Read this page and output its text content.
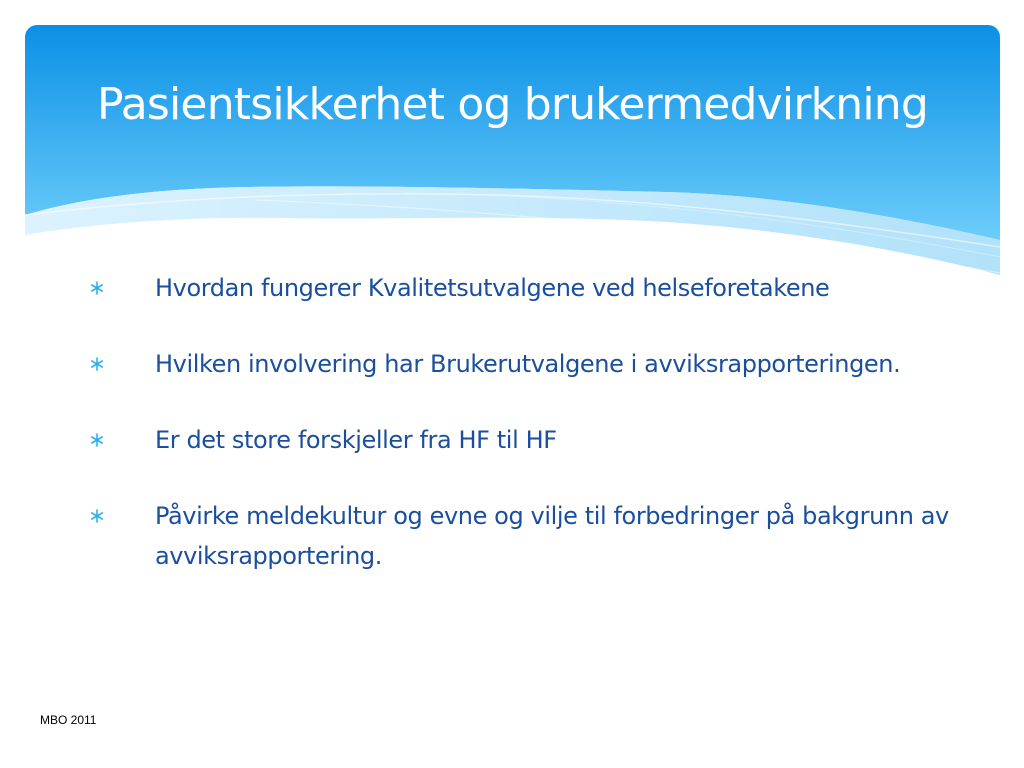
Pasientsikkerhet og brukermedvirkning
Hvordan fungerer Kvalitetsutvalgene ved helseforetakene
Hvilken involvering har Brukerutvalgene i avviksrapporteringen.
Er det store forskjeller fra HF til HF
Påvirke meldekultur og evne og vilje til forbedringer på bakgrunn av avviksrapportering.
MBO 2011
